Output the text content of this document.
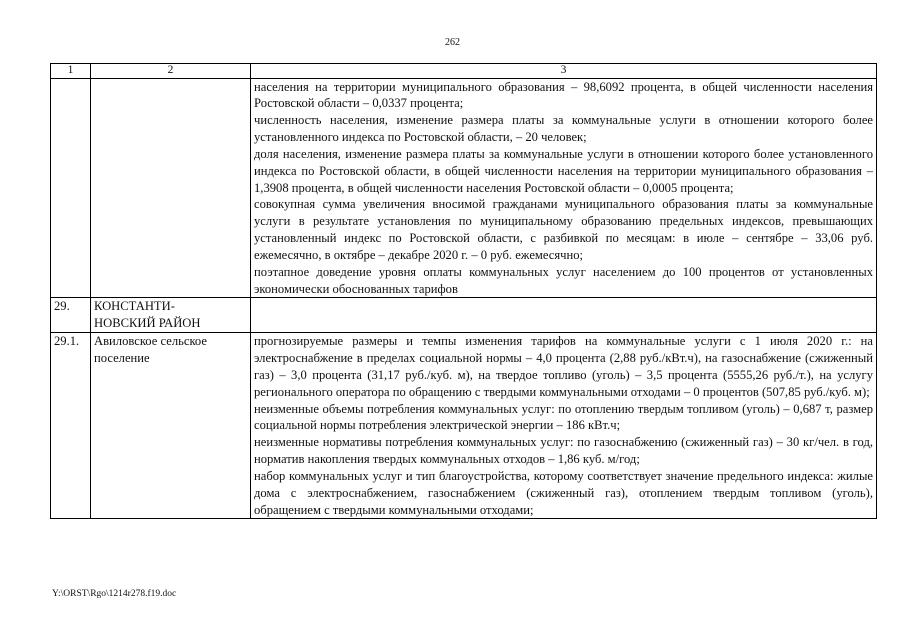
262
1	2	3

		населения на территории муниципального образования – 98,6092 процента, в общей численности населения Ростовской области – 0,0337 процента;

численность населения, изменение размера платы за коммунальные услуги в отношении которого более установленного индекса по Ростовской области, – 20 человек;

доля населения, изменение размера платы за коммунальные услуги в отношении которого более установленного индекса по Ростовской области, в общей численности населения на территории муниципального образования – 1,3908 процента, в общей численности населения Ростовской области – 0,0005 процента;

совокупная сумма увеличения вносимой гражданами муниципального образования платы за коммунальные услуги в результате установления по муниципальному образованию предельных индексов, превышающих установленный индекс по Ростовской области, с разбивкой по месяцам: в июле – сентябре – 33,06 руб. ежемесячно, в октябре – декабре 2020 г. – 0 руб. ежемесячно;

поэтапное доведение уровня оплаты коммунальных услуг населением до 100 процентов от установленных экономически обоснованных тарифов

29.	КОНСТАНТИ-
НОВСКИЙ РАЙОН	

29.1.	Авиловское сельское поселение	прогнозируемые размеры и темпы изменения тарифов на коммунальные услуги с 1 июля 2020 г.: на электроснабжение в пределах социальной нормы – 4,0 процента (2,88 руб./кВт.ч), на газоснабжение (сжиженный газ) – 3,0 процента (31,17 руб./куб. м), на твердое топливо (уголь) – 3,5 процента (5555,26 руб./т.), на услугу регионального оператора по обращению с твердыми коммунальными отходами – 0 процентов (507,85 руб./куб. м);

неизменные объемы потребления коммунальных услуг: по отоплению твердым топливом (уголь) – 0,687 т, размер социальной нормы потребления электрической энергии – 186 кВт.ч;

неизменные нормативы потребления коммунальных услуг: по газоснабжению (сжиженный газ) – 30 кг/чел. в год, норматив накопления твердых коммунальных отходов – 1,86 куб. м/год;

набор коммунальных услуг и тип благоустройства, которому соответствует значение предельного индекса: жилые дома с электроснабжением, газоснабжением (сжиженный газ), отоплением твердым топливом (уголь), обращением с твердыми коммунальными отходами;

Y:\ORST\Rgo\1214r278.f19.doc
